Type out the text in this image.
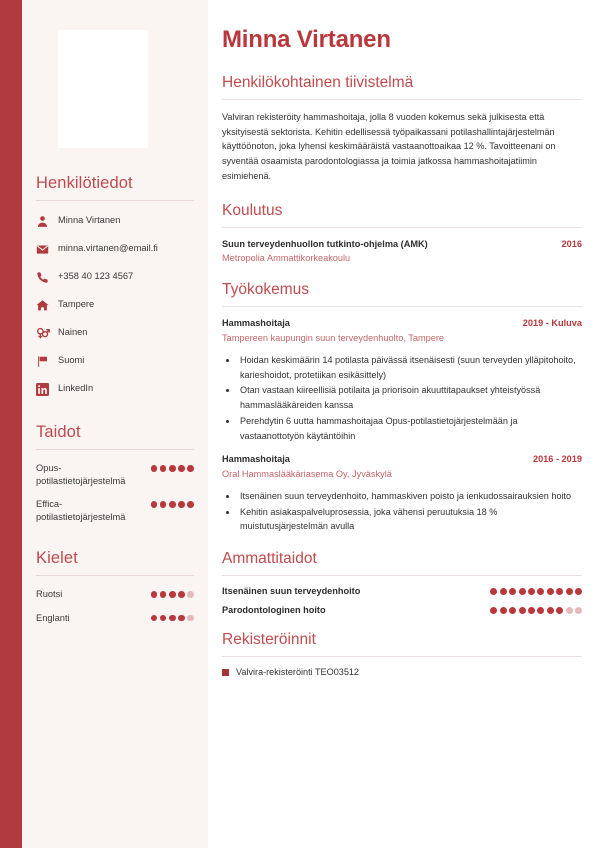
Henkilötiedot
Minna Virtanen
minna.virtanen@email.fi
+358 40 123 4567
Tampere
Nainen
Suomi
LinkedIn
Taidot
Opus-potilastietojärjestelmä
Effica-potilastietojärjestelmä
Kielet
Ruotsi
Englanti
Minna Virtanen
Henkilökohtainen tiivistelmä

Valviran rekisteröity hammashoitaja, jolla 8 vuoden kokemus sekä julkisesta että yksityisestä sektorista. Kehitin edellisessä työpaikassani potilashallintajärjestelmän käyttöönoton, joka lyhensi keskimääräistä vastaanottoaikaa 12 %. Tavoitteenani on syventää osaamista parodontologiassa ja toimia jatkossa hammashoitajatiimin esimiehenä.

Koulutus
Suun terveydenhuollon tutkinto-ohjelma (AMK)	2016
Metropolia Ammattikorkeakoulu
Työkokemus
Hammashoitaja	2019 - Kuluva
Tampereen kaupungin suun terveydenhuolto, Tampere
• Hoidan keskimäärin 14 potilasta päivässä itsenäisesti (suun terveyden ylläpitohoito, karieshoidot, protetiikan esikäsittely)
• Otan vastaan kiireellisiä potilaita ja priorisoin akuuttitapaukset yhteistyössä hammaslääkäreiden kanssa
• Perehdytin 6 uutta hammashoitajaa Opus-potilastietojärjestelmään ja vastaanottotyön käytäntöihin
Hammashoitaja	2016 - 2019
Oral Hammaslääkäriasema Oy, Jyväskylä
• Itsenäinen suun terveydenhoito, hammaskiven poisto ja ienkudossairauksien hoito
• Kehitin asiakaspalveluprosessia, joka vähensi peruutuksia 18 % muistutusjärjestelmän avulla
Ammattitaidot
Itsenäinen suun terveydenhoito
Parodontologinen hoito
Rekisteröinnit
Valvira-rekisteröinti TEO03512
